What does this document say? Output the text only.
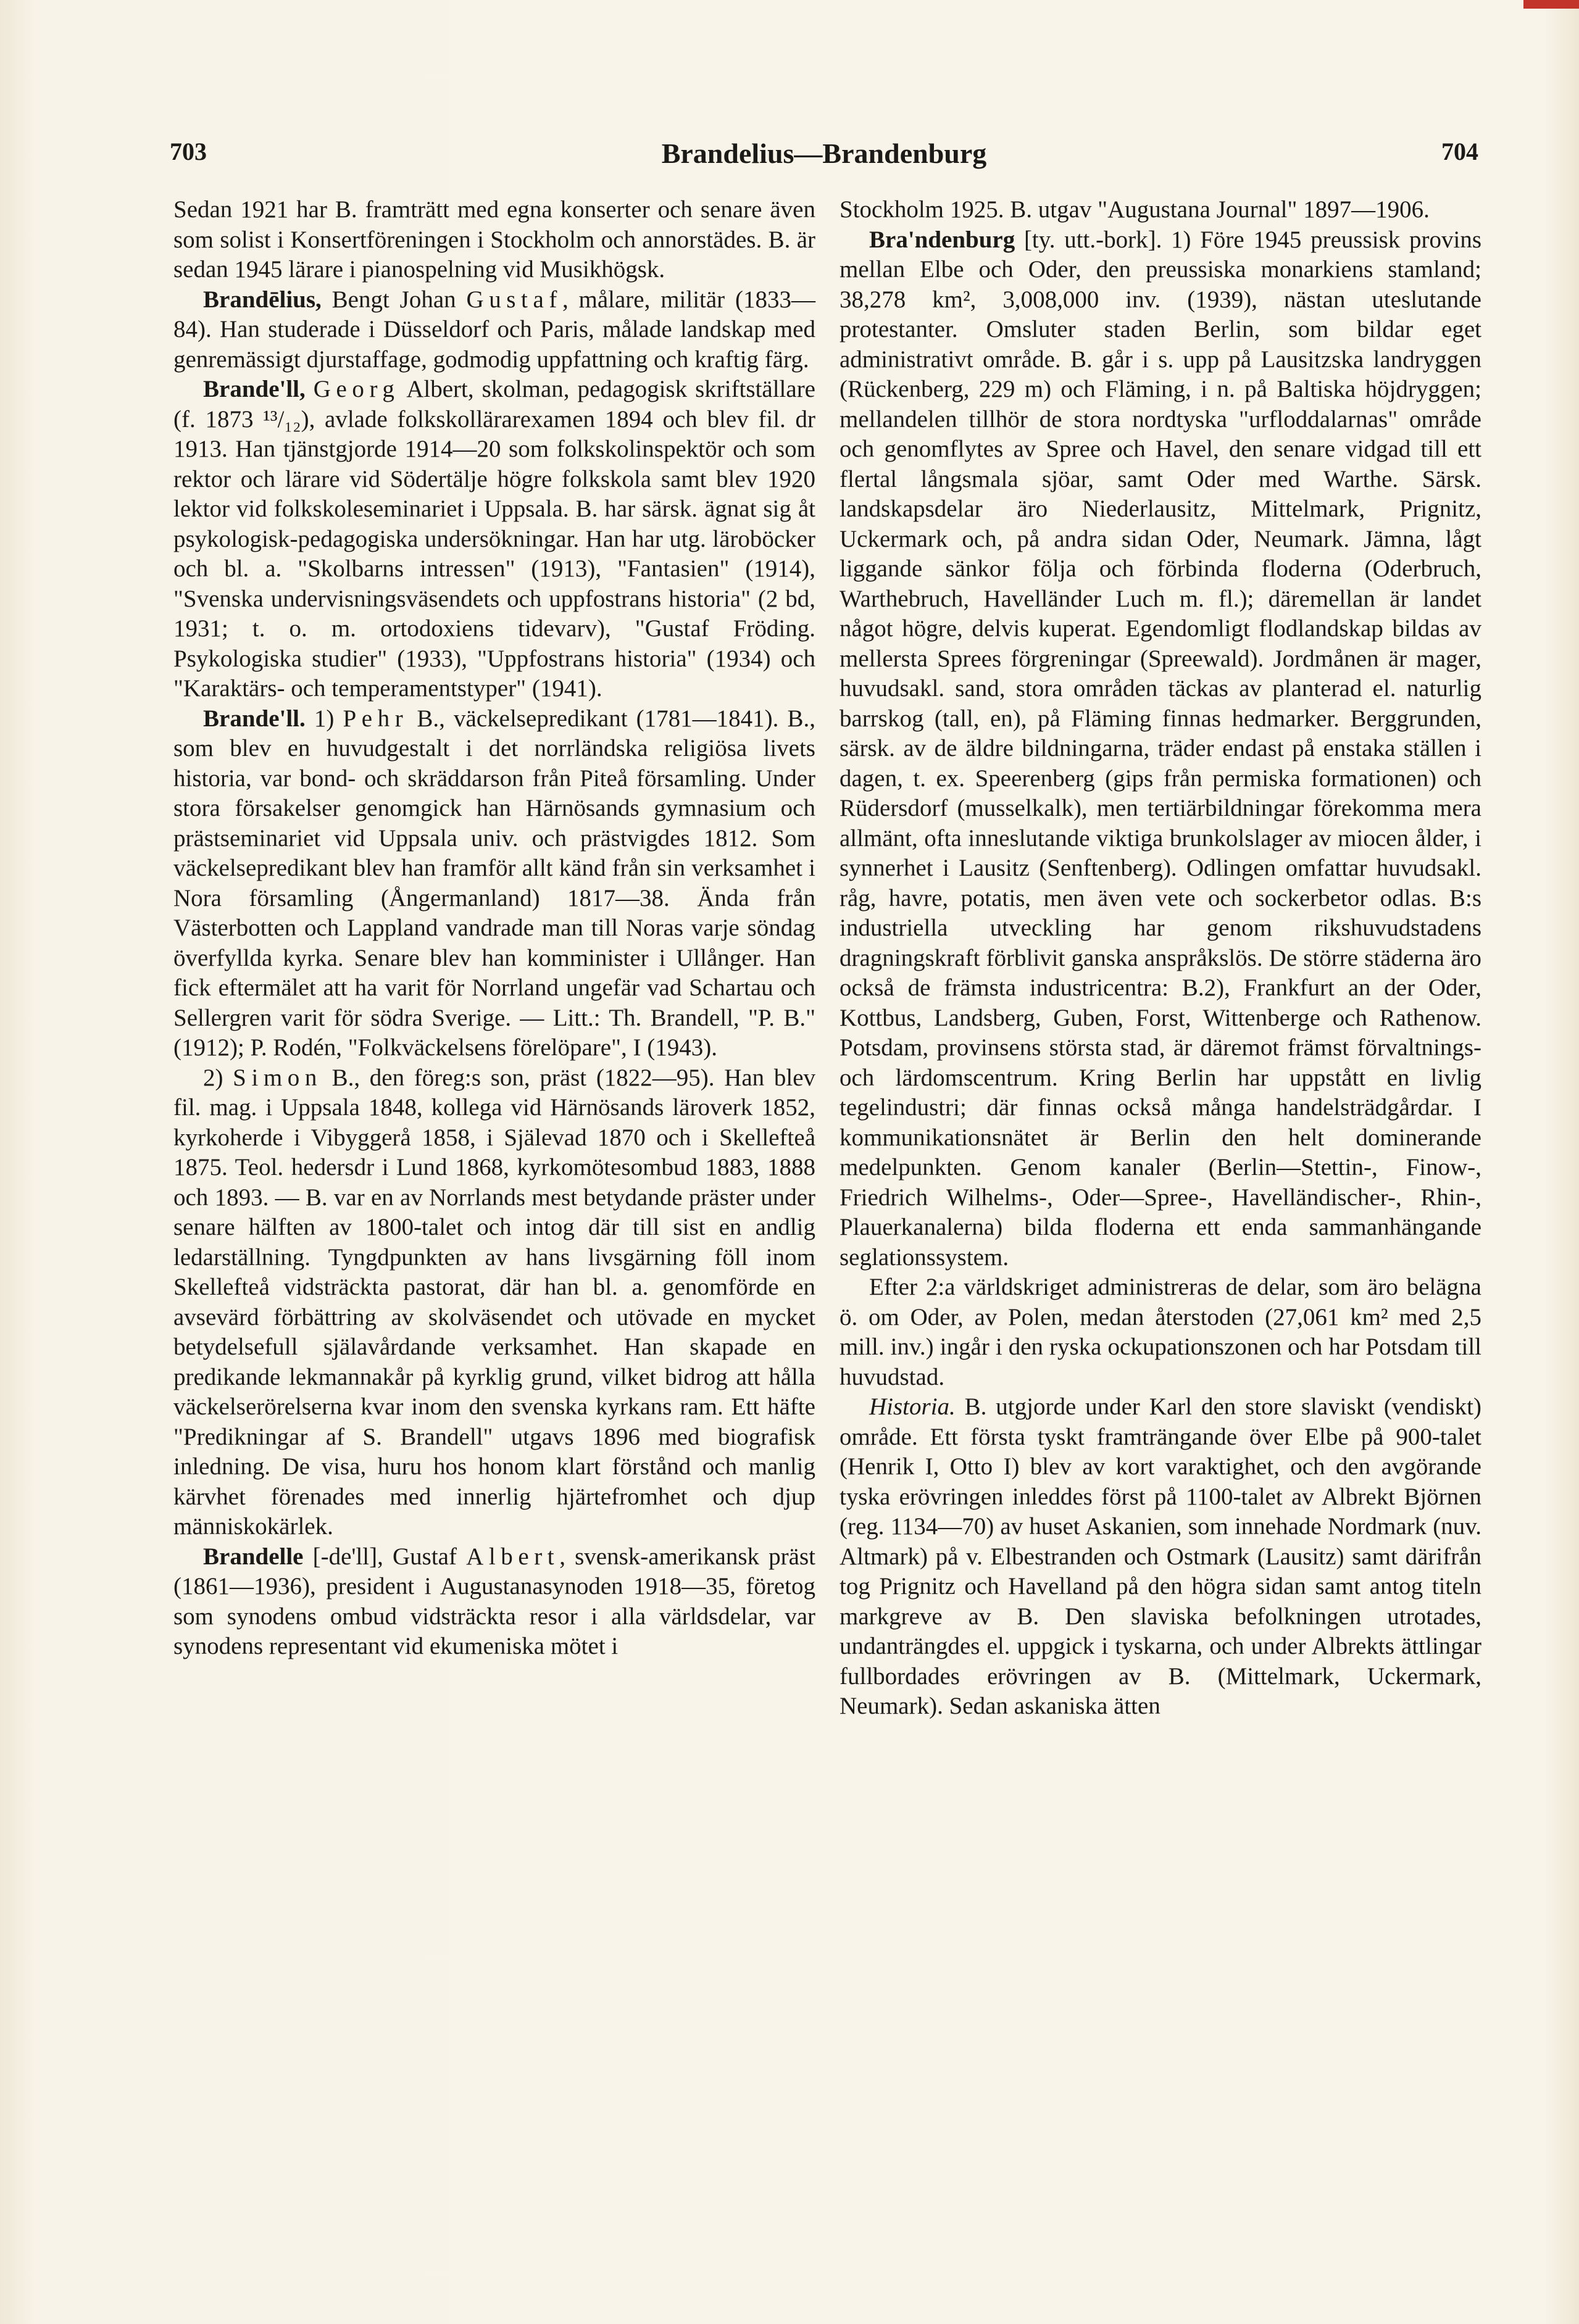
703	Brandelius—Brandenburg	704

Sedan 1921 har B. framträtt med egna konserter och senare även som solist i Konsertföreningen i Stockholm och annorstädes. B. är sedan 1945 lärare i pianospelning vid Musikhögsk.

Brandēlius, Bengt Johan Gustaf, målare, militär (1833—84). Han studerade i Düsseldorf och Paris, målade landskap med genremässigt djurstaffage, godmodig uppfattning och kraftig färg.

Brande'll, Georg Albert, skolman, pedagogisk skriftställare (f. 1873 ¹³/₁₂), avlade folkskollärarexamen 1894 och blev fil. dr 1913. Han tjänstgjorde 1914—20 som folkskolinspektör och som rektor och lärare vid Södertälje högre folkskola samt blev 1920 lektor vid folkskoleseminariet i Uppsala. B. har särsk. ägnat sig åt psykologisk-pedagogiska undersökningar. Han har utg. läroböcker och bl. a. "Skolbarns intressen" (1913), "Fantasien" (1914), "Svenska undervisningsväsendets och uppfostrans historia" (2 bd, 1931; t. o. m. ortodoxiens tidevarv), "Gustaf Fröding. Psykologiska studier" (1933), "Uppfostrans historia" (1934) och "Karaktärs- och temperamentstyper" (1941).

Brande'll. 1) Pehr B., väckelsepredikant (1781—1841). B., som blev en huvudgestalt i det norrländska religiösa livets historia, var bond- och skräddarson från Piteå församling. Under stora försakelser genomgick han Härnösands gymnasium och prästseminariet vid Uppsala univ. och prästvigdes 1812. Som väckelsepredikant blev han framför allt känd från sin verksamhet i Nora församling (Ångermanland) 1817—38. Ända från Västerbotten och Lappland vandrade man till Noras varje söndag överfyllda kyrka. Senare blev han komminister i Ullånger. Han fick eftermälet att ha varit för Norrland ungefär vad Schartau och Sellergren varit för södra Sverige. — Litt.: Th. Brandell, "P. B." (1912); P. Rodén, "Folkväckelsens förelöpare", I (1943).

2) Simon B., den föreg:s son, präst (1822—95). Han blev fil. mag. i Uppsala 1848, kollega vid Härnösands läroverk 1852, kyrkoherde i Vibyggerå 1858, i Själevad 1870 och i Skellefteå 1875. Teol. hedersdr i Lund 1868, kyrkomötesombud 1883, 1888 och 1893. — B. var en av Norrlands mest betydande präster under senare hälften av 1800-talet och intog där till sist en andlig ledarställning. Tyngdpunkten av hans livsgärning föll inom Skellefteå vidsträckta pastorat, där han bl. a. genomförde en avsevärd förbättring av skolväsendet och utövade en mycket betydelsefull själavårdande verksamhet. Han skapade en predikande lekmannakår på kyrklig grund, vilket bidrog att hålla väckelserörelserna kvar inom den svenska kyrkans ram. Ett häfte "Predikningar af S. Brandell" utgavs 1896 med biografisk inledning. De visa, huru hos honom klart förstånd och manlig kärvhet förenades med innerlig hjärtefromhet och djup människokärlek.

Brandelle [-de'll], Gustaf Albert, svensk-amerikansk präst (1861—1936), president i Augustanasynoden 1918—35, företog som synodens ombud vidsträckta resor i alla världsdelar, var synodens representant vid ekumeniska mötet i

Stockholm 1925. B. utgav "Augustana Journal" 1897—1906.

Bra'ndenburg [ty. utt.-bork]. 1) Före 1945 preussisk provins mellan Elbe och Oder, den preussiska monarkiens stamland; 38,278 km², 3,008,000 inv. (1939), nästan uteslutande protestanter. Omsluter staden Berlin, som bildar eget administrativt område. B. går i s. upp på Lausitzska landryggen (Rückenberg, 229 m) och Fläming, i n. på Baltiska höjdryggen; mellandelen tillhör de stora nordtyska "urfloddalarnas" område och genomflytes av Spree och Havel, den senare vidgad till ett flertal långsmala sjöar, samt Oder med Warthe. Särsk. landskapsdelar äro Niederlausitz, Mittelmark, Prignitz, Uckermark och, på andra sidan Oder, Neumark. Jämna, lågt liggande sänkor följa och förbinda floderna (Oderbruch, Warthebruch, Havelländer Luch m. fl.); däremellan är landet något högre, delvis kuperat. Egendomligt flodlandskap bildas av mellersta Sprees förgreningar (Spreewald). Jordmånen är mager, huvudsakl. sand, stora områden täckas av planterad el. naturlig barrskog (tall, en), på Fläming finnas hedmarker. Berggrunden, särsk. av de äldre bildningarna, träder endast på enstaka ställen i dagen, t. ex. Speerenberg (gips från permiska formationen) och Rüdersdorf (musselkalk), men tertiärbildningar förekomma mera allmänt, ofta inneslutande viktiga brunkolslager av miocen ålder, i synnerhet i Lausitz (Senftenberg). Odlingen omfattar huvudsakl. råg, havre, potatis, men även vete och sockerbetor odlas. B:s industriella utveckling har genom rikshuvudstadens dragningskraft förblivit ganska anspråkslös. De större städerna äro också de främsta industricentra: B.2), Frankfurt an der Oder, Kottbus, Landsberg, Guben, Forst, Wittenberge och Rathenow. Potsdam, provinsens största stad, är däremot främst förvaltnings- och lärdomscentrum. Kring Berlin har uppstått en livlig tegelindustri; där finnas också många handelsträdgårdar. I kommunikationsnätet är Berlin den helt dominerande medelpunkten. Genom kanaler (Berlin—Stettin-, Finow-, Friedrich Wilhelms-, Oder—Spree-, Havelländischer-, Rhin-, Plauerkanalerna) bilda floderna ett enda sammanhängande seglationssystem.

Efter 2:a världskriget administreras de delar, som äro belägna ö. om Oder, av Polen, medan återstoden (27,061 km² med 2,5 mill. inv.) ingår i den ryska ockupationszonen och har Potsdam till huvudstad.

Historia. B. utgjorde under Karl den store slaviskt (vendiskt) område. Ett första tyskt framträngande över Elbe på 900-talet (Henrik I, Otto I) blev av kort varaktighet, och den avgörande tyska erövringen inleddes först på 1100-talet av Albrekt Björnen (reg. 1134—70) av huset Askanien, som innehade Nordmark (nuv. Altmark) på v. Elbestranden och Ostmark (Lausitz) samt därifrån tog Prignitz och Havelland på den högra sidan samt antog titeln markgreve av B. Den slaviska befolkningen utrotades, undanträngdes el. uppgick i tyskarna, och under Albrekts ättlingar fullbordades erövringen av B. (Mittelmark, Uckermark, Neumark). Sedan askaniska ätten
